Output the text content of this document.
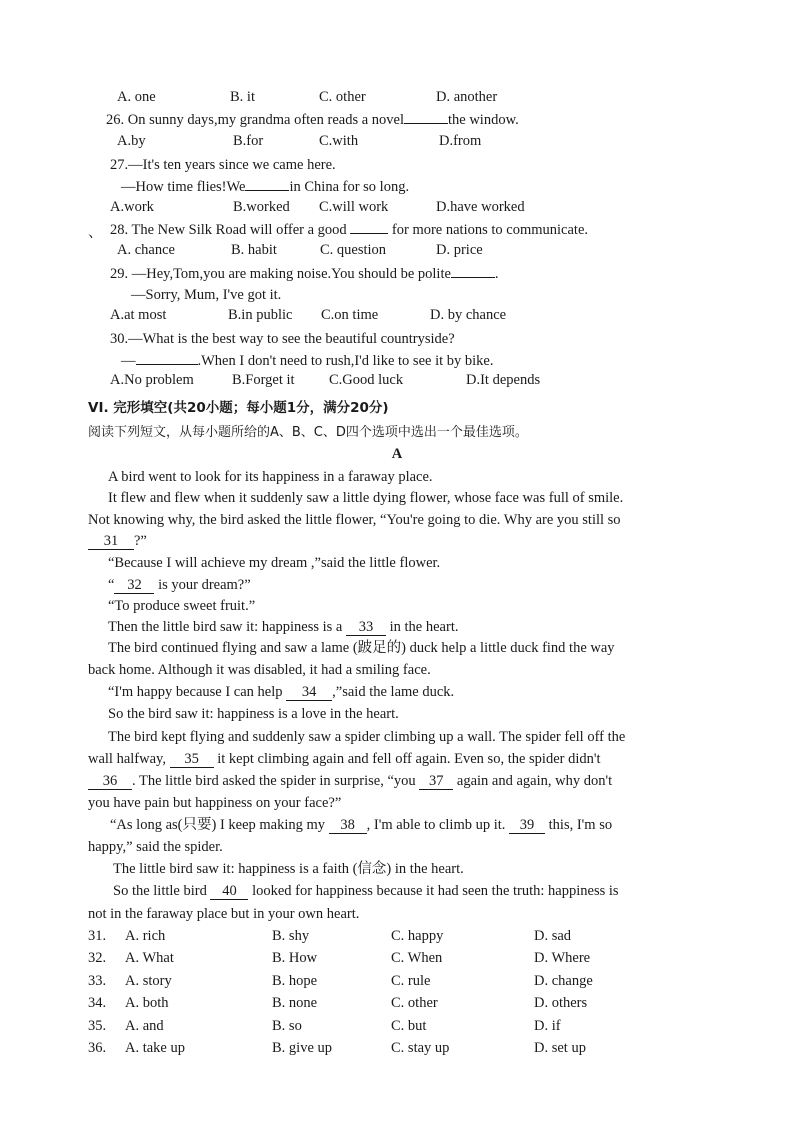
A. one	B. it	C. other	D. another
26. On sunny days,my grandma often reads a novel	the window.
A.by	B.for	C.with	D.from
27.—It's ten years since we came here.
—How time flies!We	in China for so long.
A.work	B.worked C.will work	D.have worked
、 28. The New Silk Road will offer a good	for more nations to communicate.
A. chance	B. habit	C. question	D. price
29. —Hey,Tom,you are making noise.You should be polite	.
—Sorry, Mum, I've got it.
A.at most	B.in public C.on time	D. by chance
30.—What is the best way to see the beautiful countryside?
—	.When I don't need to rush,I'd like to see it by bike.
A.No problem	B.Forget it C.Good luck	D.It depends
VI. 完形填空(共20小题；每小题1分，满分20分)
阅读下列短文，从每小题所给的A、B、C、D四个选项中选出一个最佳选项。
A
A bird went to look for its happiness in a faraway place.
It flew and flew when it suddenly saw a little dying flower, whose face was full of smile.
Not knowing why, the bird asked the little flower, “You're going to die. Why are you still so
31 ?”
“Because I will achieve my dream ,”said the little flower.
“ 32 is your dream?”
“To produce sweet fruit.”
Then the little bird saw it: happiness is a 33 in the heart.
The bird continued flying and saw a lame (跛足的) duck help a little duck find the way
back home. Although it was disabled, it had a smiling face.
“I'm happy because I can help 34 ,”said the lame duck.
So the bird saw it: happiness is a love in the heart.
The bird kept flying and suddenly saw a spider climbing up a wall. The spider fell off the
wall halfway, 35 it kept climbing again and fell off again. Even so, the spider didn't
36 . The little bird asked the spider in surprise, “you 37 again and again, why don't
you have pain but happiness on your face?”
“As long as(只要) I keep making my 38 , I'm able to climb up it. 39 this, I'm so
happy,” said the spider.
The little bird saw it: happiness is a faith (信念) in the heart.
So the little bird 40 looked for happiness because it had seen the truth: happiness is
not in the faraway place but in your own heart.
31. A. rich	B. shy	C. happy	D. sad
32. A. What	B. How	C. When	D. Where
33. A. story	B. hope	C. rule	D. change
34. A. both	B. none	C. other	D. others
35. A. and	B. so	C. but	D. if
36. A. take up	B. give up	C. stay up	D. set up
